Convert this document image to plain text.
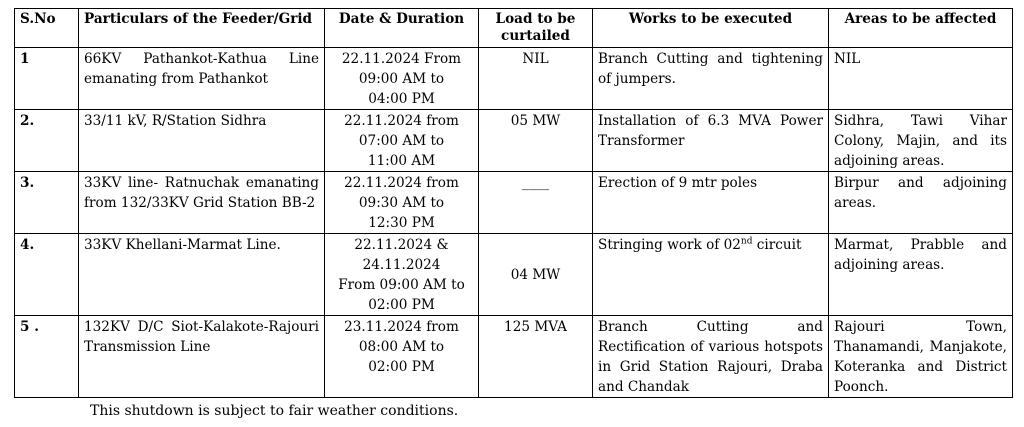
S.No	Particulars of the Feeder/Grid	Date & Duration	Load to be curtailed	Works to be executed	Areas to be affected
1	66KV Pathankot-Kathua Line emanating from Pathankot	22.11.2024 From
09:00 AM to
04:00 PM	NIL	Branch Cutting and tightening of jumpers.	NIL
2.	33/11 kV, R/Station Sidhra	22.11.2024 from
07:00 AM to
11:00 AM	05 MW	Installation of 6.3 MVA Power Transformer	Sidhra, Tawi Vihar Colony, Majin, and its adjoining areas.
3.	33KV line- Ratnuchak emanating from 132/33KV Grid Station BB-2	22.11.2024 from
09:30 AM to
12:30 PM	____	Erection of 9 mtr poles	Birpur and adjoining areas.
4.	33KV Khellani-Marmat Line.	22.11.2024 &
24.11.2024
From 09:00 AM to
02:00 PM	04 MW	Stringing work of 02nd circuit	Marmat, Prabble and adjoining areas.
5 .	132KV D/C Siot-Kalakote-Rajouri Transmission Line	23.11.2024 from
08:00 AM to
02:00 PM	125 MVA	Branch Cutting and Rectification of various hotspots in Grid Station Rajouri, Draba and Chandak	Rajouri Town, Thanamandi, Manjakote, Koteranka and District Poonch.
This shutdown is subject to fair weather conditions.
